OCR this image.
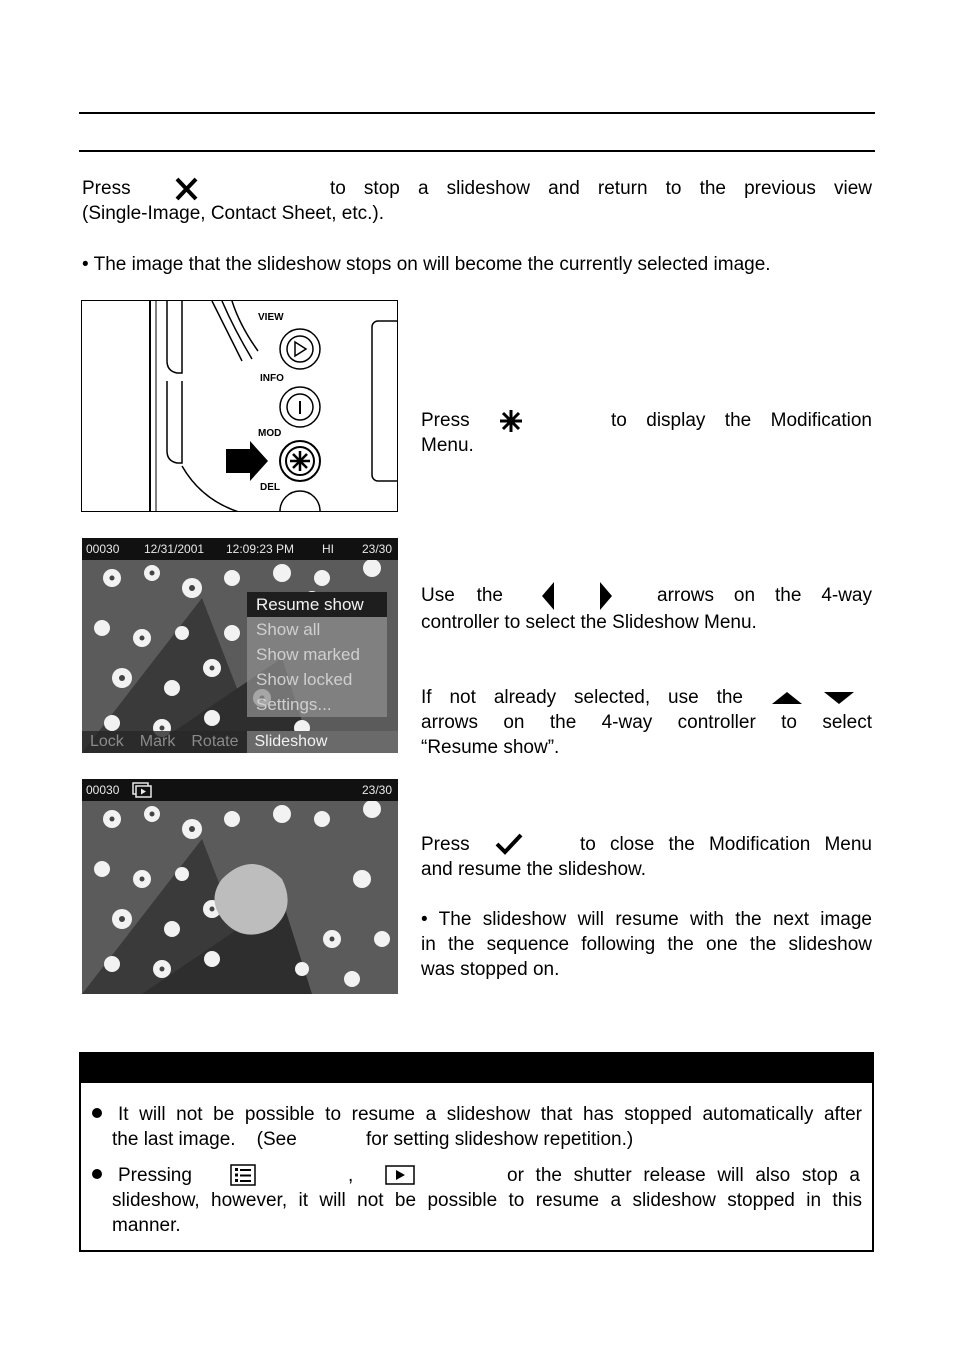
Press	to stop a slideshow and return to the previous view
(Single-Image, Contact Sheet, etc.).
• The image that the slideshow stops on will become the currently selected image.
VIEW
INFO
MOD
DEL
Press	to display the Modification
Menu.
00030 12/31/2001 12:09:23 PM HI 23/30
Resume show
Show all
Show marked
Show locked
Settings...
Lock	Mark	Rotate	Slideshow
Use the	arrows on the 4-way
controller to select the Slideshow Menu.
If not already selected, use the
arrows on the 4-way controller to select
“Resume show”.
00030	23/30
Press	to close the Modification Menu
and resume the slideshow.
• The slideshow will resume with the next image
in the sequence following the one the slideshow
was stopped on.
It will not be possible to resume a slideshow that has stopped automatically after
the last image.    (See	for setting slideshow repetition.)
Pressing	,	or the shutter release will also stop a
slideshow, however, it will not be possible to resume a slideshow stopped in this
manner.
